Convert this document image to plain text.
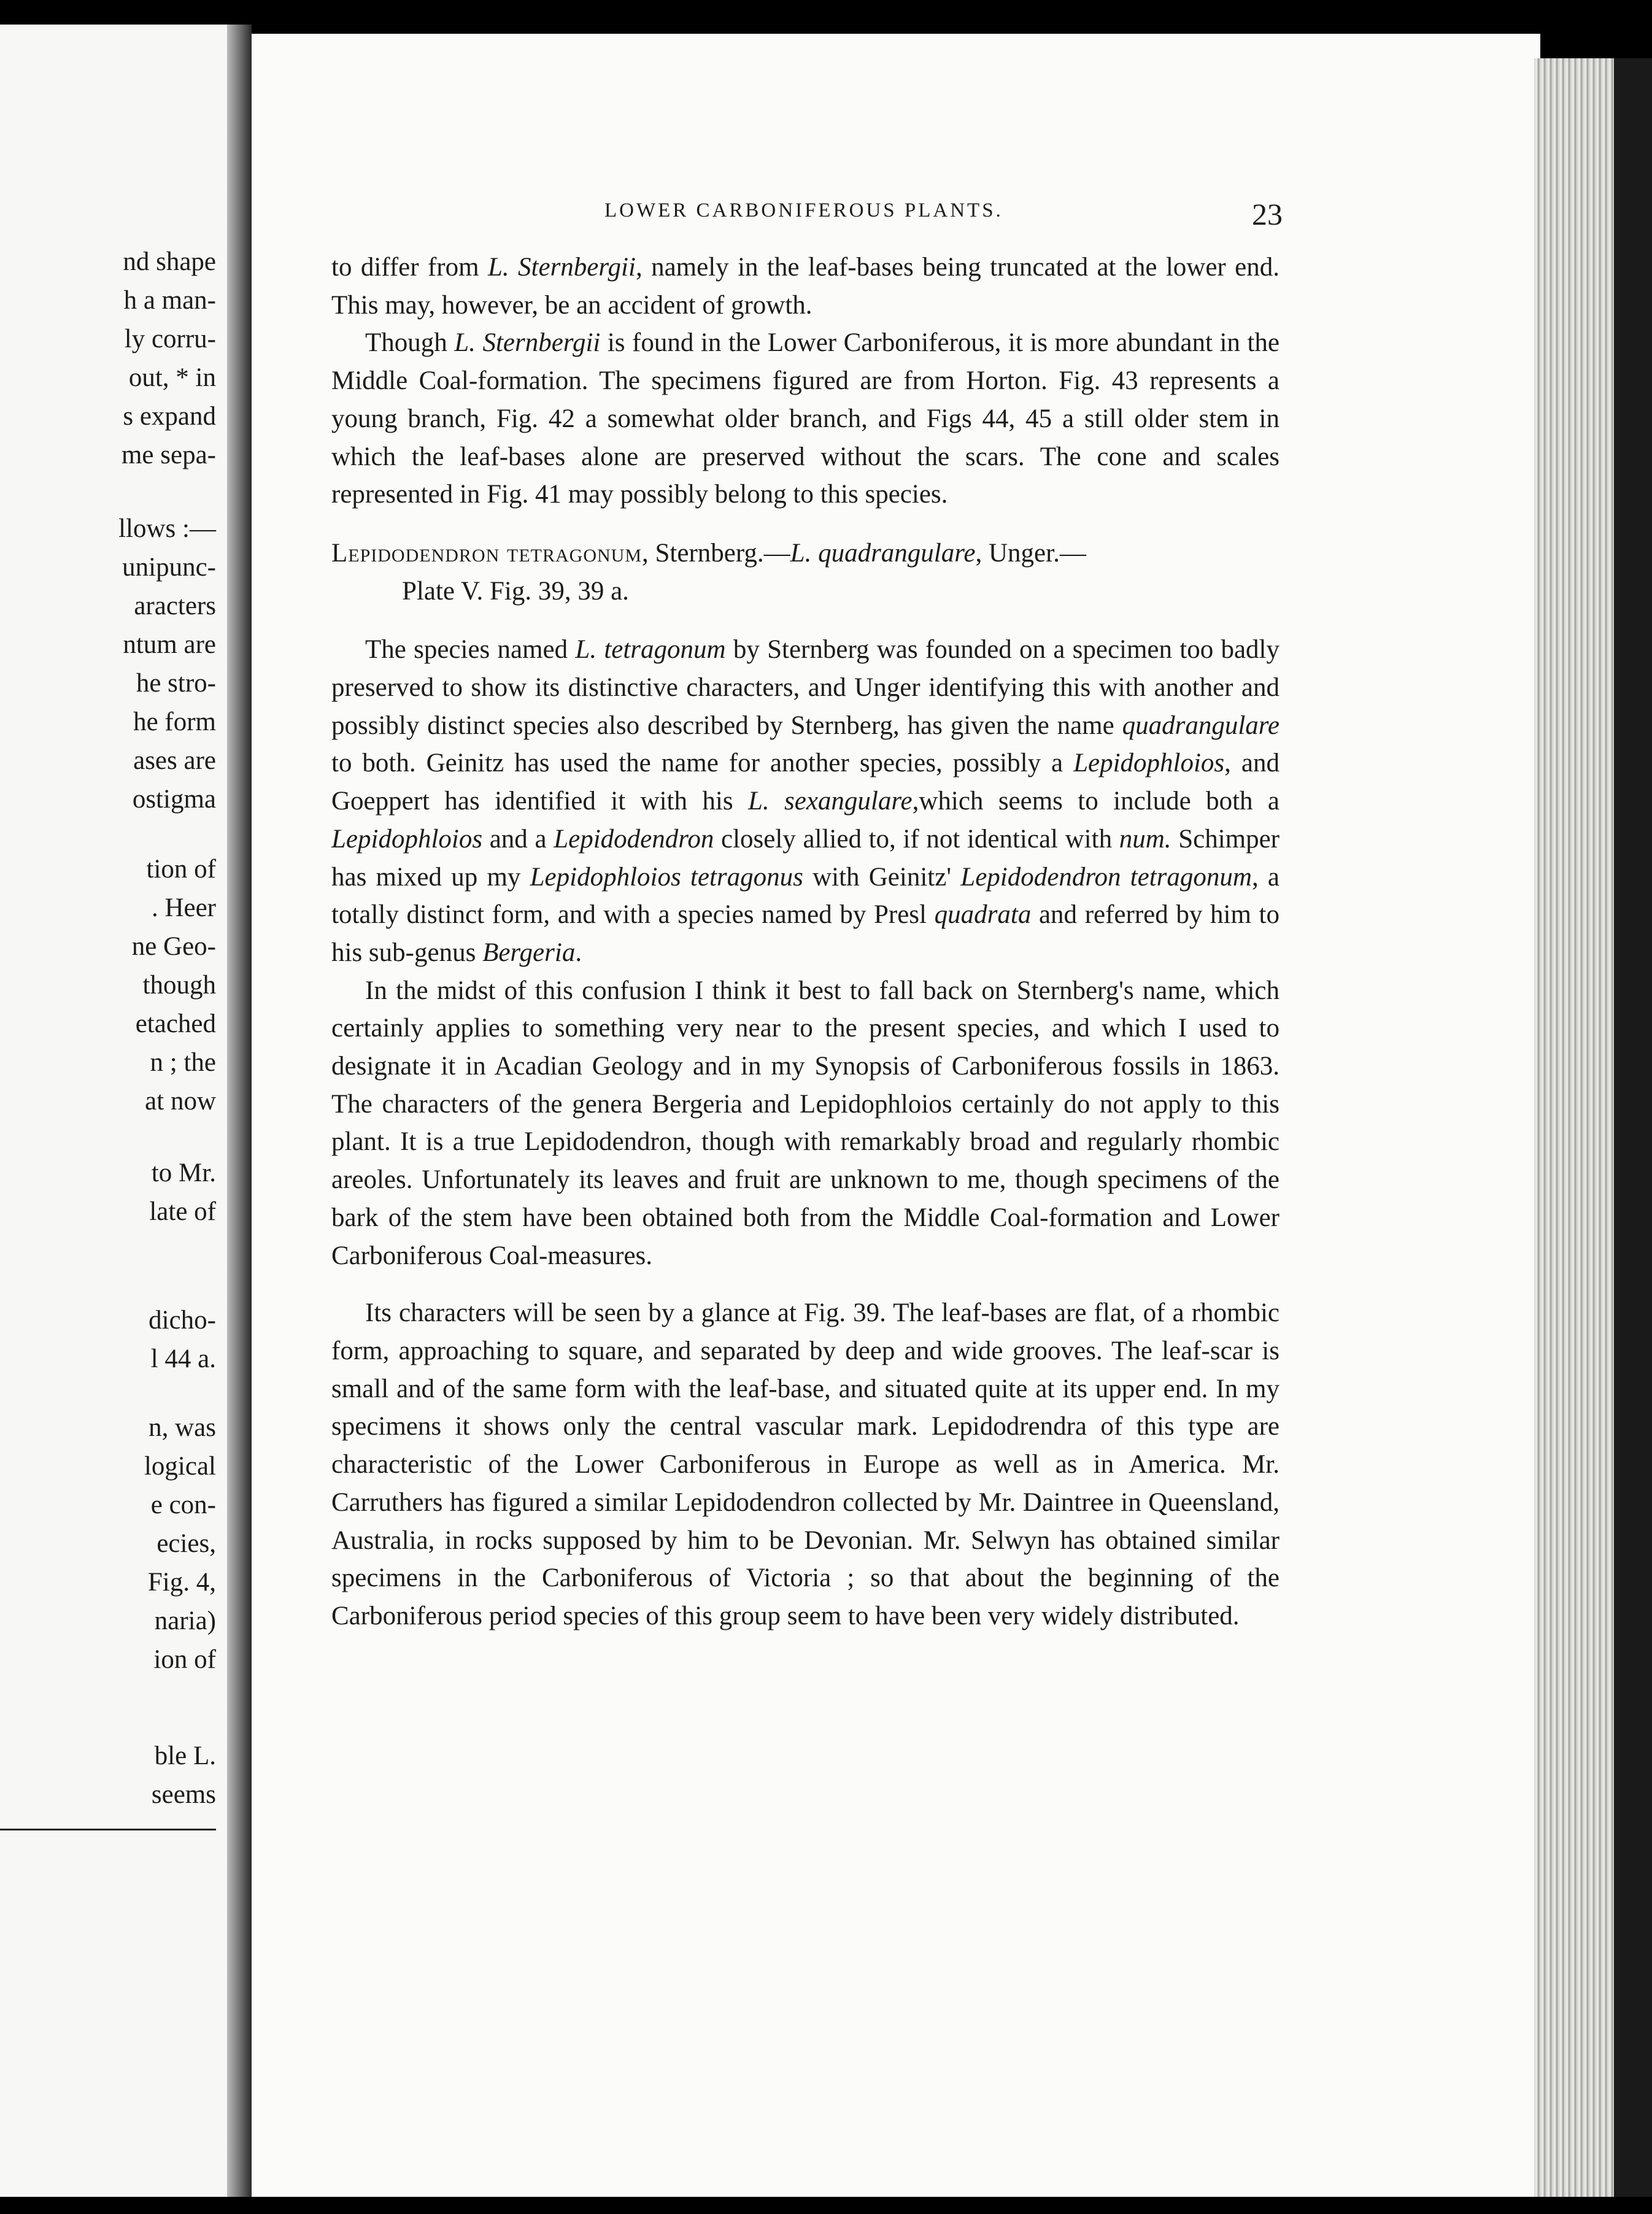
nd shape
h a man-
ly corru-
out, * in
s expand
me sepa-
llows :—
unipunc-
aracters
ntum are
he stro-
he form
ases are
ostigma
tion of
. Heer
ne Geo-
though
etached
n ; the
at now
to Mr.
late of
dicho-
l 44 a.
n, was
logical
e con-
ecies,
Fig. 4,
naria)
ion of
ble L.
seems
LOWER CARBONIFEROUS PLANTS.	23

to differ from L. Sternbergii, namely in the leaf-bases being truncated at the lower end. This may, however, be an accident of growth.

Though L. Sternbergii is found in the Lower Carboniferous, it is more abundant in the Middle Coal-formation. The specimens figured are from Horton. Fig. 43 represents a young branch, Fig. 42 a somewhat older branch, and Figs 44, 45 a still older stem in which the leaf-bases alone are preserved without the scars. The cone and scales represented in Fig. 41 may possibly belong to this species.

Lepidodendron tetragonum, Sternberg.—L. quadrangulare, Unger.—
Plate V. Fig. 39, 39 a.

The species named L. tetragonum by Sternberg was founded on a specimen too badly preserved to show its distinctive characters, and Unger identifying this with another and possibly distinct species also described by Sternberg, has given the name quadrangulare to both. Geinitz has used the name for another species, possibly a Lepidophloios, and Goeppert has identified it with his L. sexangulare,which seems to include both a Lepidophloios and a Lepidodendron closely allied to, if not identical with num. Schimper has mixed up my Lepidophloios tetragonus with Geinitz' Lepidodendron tetragonum, a totally distinct form, and with a species named by Presl quadrata and referred by him to his sub-genus Bergeria.

In the midst of this confusion I think it best to fall back on Sternberg's name, which certainly applies to something very near to the present species, and which I used to designate it in Acadian Geology and in my Synopsis of Carboniferous fossils in 1863. The characters of the genera Bergeria and Lepidophloios certainly do not apply to this plant. It is a true Lepidodendron, though with remarkably broad and regularly rhombic areoles. Unfortunately its leaves and fruit are unknown to me, though specimens of the bark of the stem have been obtained both from the Middle Coal-formation and Lower Carboniferous Coal-measures.

Its characters will be seen by a glance at Fig. 39. The leaf-bases are flat, of a rhombic form, approaching to square, and separated by deep and wide grooves. The leaf-scar is small and of the same form with the leaf-base, and situated quite at its upper end. In my specimens it shows only the central vascular mark. Lepidodrendra of this type are characteristic of the Lower Carboniferous in Europe as well as in America. Mr. Carruthers has figured a similar Lepidodendron collected by Mr. Daintree in Queensland, Australia, in rocks supposed by him to be Devonian. Mr. Selwyn has obtained similar specimens in the Carboniferous of Victoria ; so that about the beginning of the Carboniferous period species of this group seem to have been very widely distributed.
